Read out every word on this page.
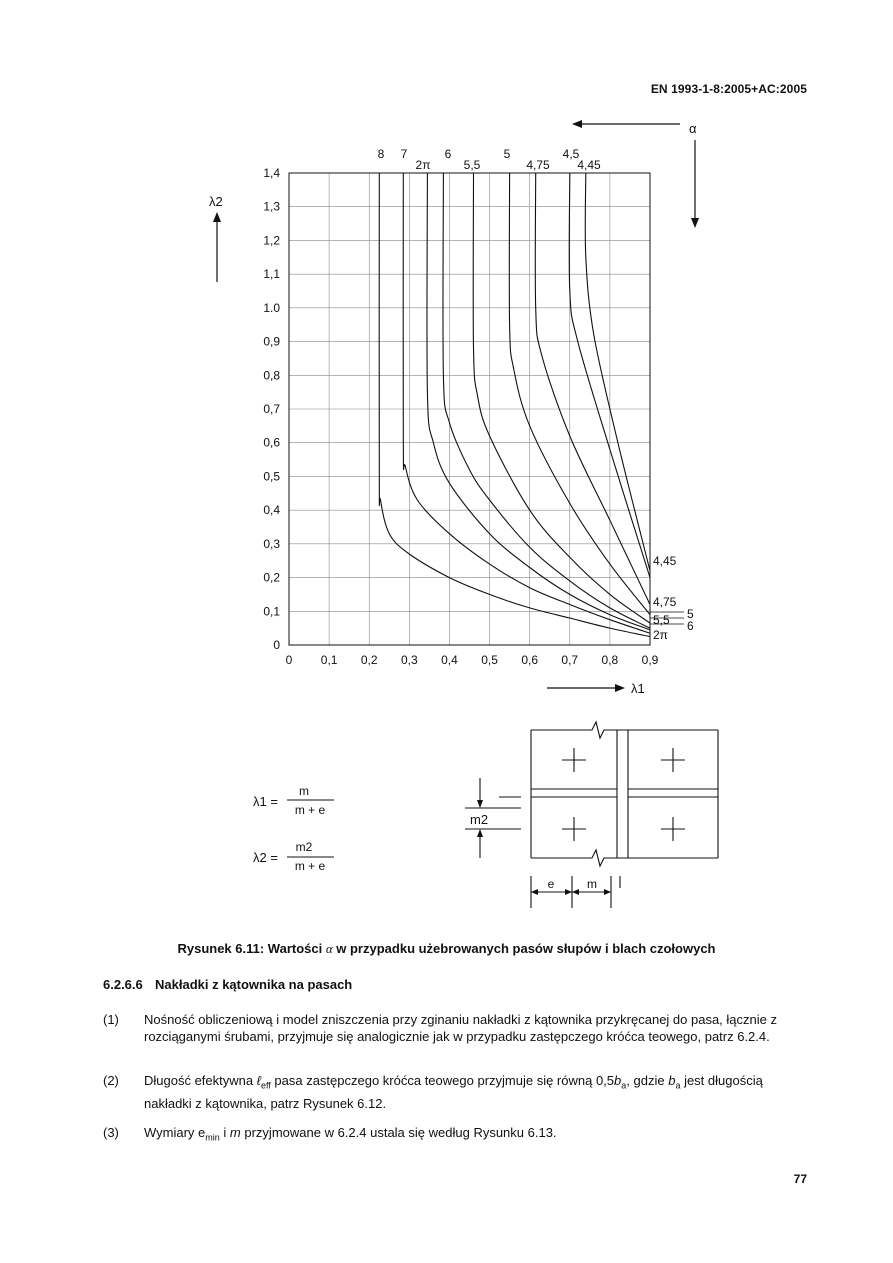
EN 1993-1-8:2005+AC:2005
0
0,1
0,2
0,3
0,4
0,5
0,6
0,7
0,8
0,9
1.0
1,1
1,2
1,3
1,4
0 0,1 0,2 0,3 0,4 0,5 0,6 0,7 0,8 0,9
8 7
2π
6
5,5
5
4,75
4,5
4,45
4,45
4,75
5
5,5 6
2π
λ2
λ1
α
λ1 =
m
m + e
λ2 =
m2
m + e
m2
e	m
Rysunek 6.11: Wartości α w przypadku użebrowanych pasów słupów i blach czołowych
6.2.6.6 Nakładki z kątownika na pasach
(1) Nośność obliczeniową i model zniszczenia przy zginaniu nakładki z kątownika przykręcanej do pasa, łącznie z rozciąganymi śrubami, przyjmuje się analogicznie jak w przypadku zastępczego króćca teowego, patrz 6.2.4.
(2) Długość efektywna ℓ$_{eff}$ pasa zastępczego króćca teowego przyjmuje się równą $0,5b_a$, gdzie $b_a$ jest długością nakładki z kątownika, patrz Rysunek 6.12.
(3) Wymiary $e_{min}$ i m przyjmowane w 6.2.4 ustala się według Rysunku 6.13.
77
